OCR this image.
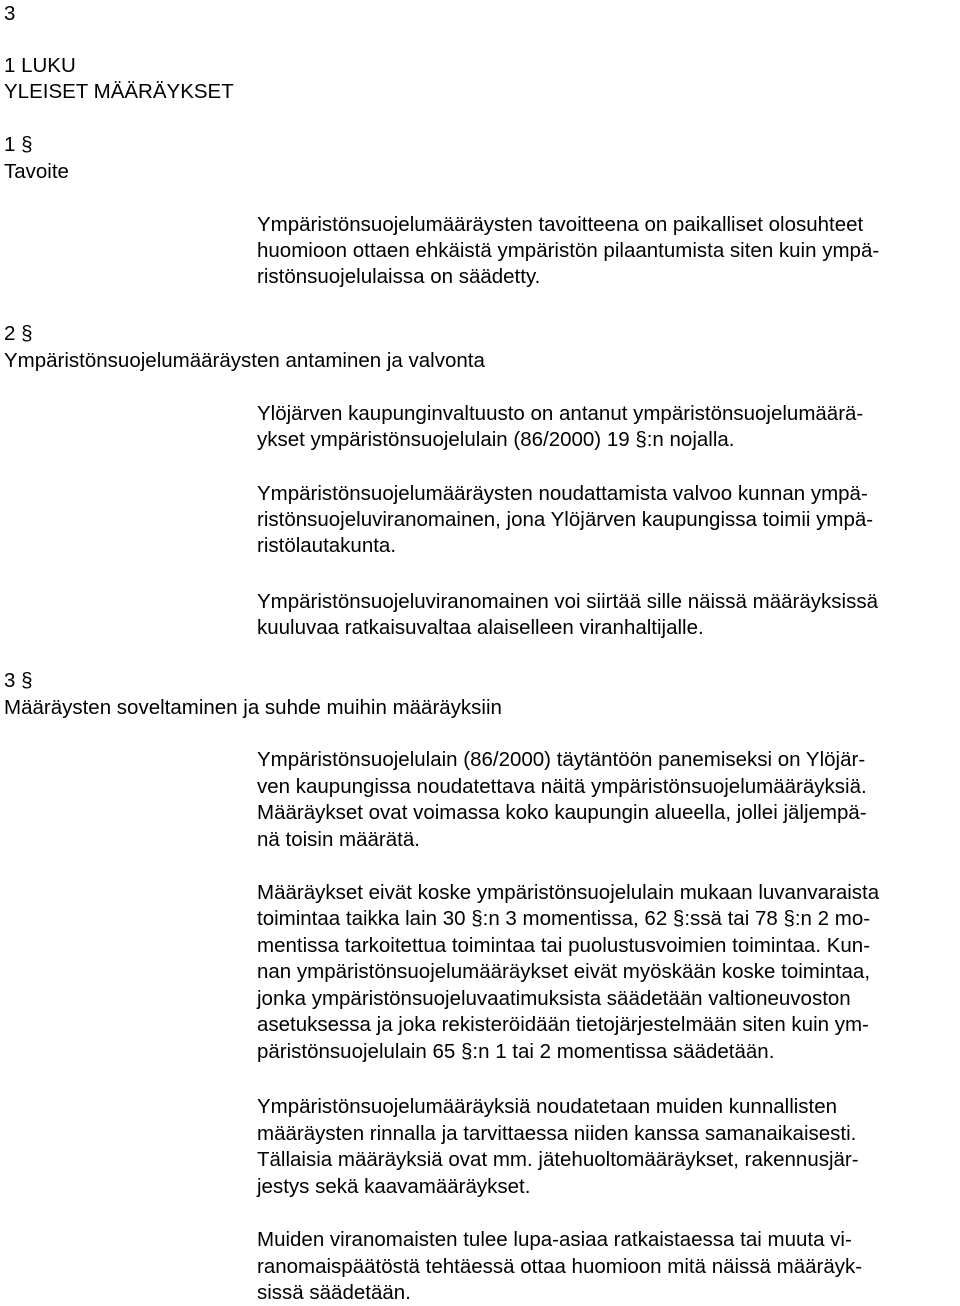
3
1 LUKU
YLEISET MÄÄRÄYKSET
1 §
Tavoite
Ympäristönsuojelumääräysten tavoitteena on paikalliset olosuhteet
huomioon ottaen ehkäistä ympäristön pilaantumista siten kuin ympä-
ristönsuojelulaissa on säädetty.
2 §
Ympäristönsuojelumääräysten antaminen ja valvonta
Ylöjärven kaupunginvaltuusto on antanut ympäristönsuojelumäärä-
ykset ympäristönsuojelulain (86/2000) 19 §:n nojalla.
Ympäristönsuojelumääräysten noudattamista valvoo kunnan ympä-
ristönsuojeluviranomainen, jona Ylöjärven kaupungissa toimii ympä-
ristölautakunta.
Ympäristönsuojeluviranomainen voi siirtää sille näissä määräyksissä
kuuluvaa ratkaisuvaltaa alaiselleen viranhaltijalle.
3 §
Määräysten soveltaminen ja suhde muihin määräyksiin
Ympäristönsuojelulain (86/2000) täytäntöön panemiseksi on Ylöjär-
ven kaupungissa noudatettava näitä ympäristönsuojelumääräyksiä.
Määräykset ovat voimassa koko kaupungin alueella, jollei jäljempä-
nä toisin määrätä.
Määräykset eivät koske ympäristönsuojelulain mukaan luvanvaraista
toimintaa taikka lain 30 §:n 3 momentissa, 62 §:ssä tai 78 §:n 2 mo-
mentissa tarkoitettua toimintaa tai puolustusvoimien toimintaa. Kun-
nan ympäristönsuojelumääräykset eivät myöskään koske toimintaa,
jonka ympäristönsuojeluvaatimuksista säädetään valtioneuvoston
asetuksessa ja joka rekisteröidään tietojärjestelmään siten kuin ym-
päristönsuojelulain 65 §:n 1 tai 2 momentissa säädetään.
Ympäristönsuojelumääräyksiä noudatetaan muiden kunnallisten
määräysten rinnalla ja tarvittaessa niiden kanssa samanaikaisesti.
Tällaisia määräyksiä ovat mm. jätehuoltomääräykset, rakennusjär-
jestys sekä kaavamääräykset.
Muiden viranomaisten tulee lupa-asiaa ratkaistaessa tai muuta vi-
ranomaispäätöstä tehtäessä ottaa huomioon mitä näissä määräyk-
sissä säädetään.
